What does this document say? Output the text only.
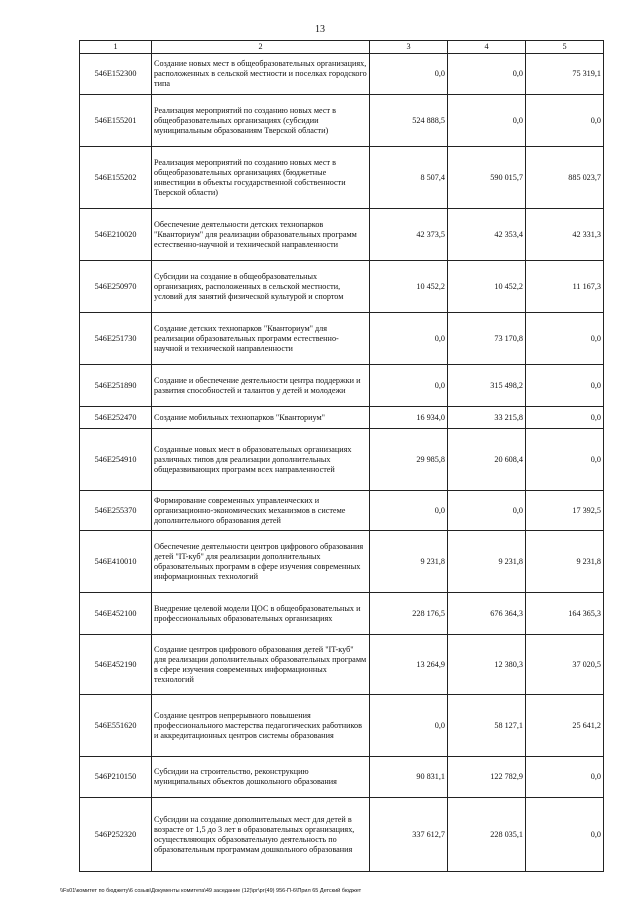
13
1	2	3	4	5
546E152300	Создание новых мест в общеобразовательных организациях, расположенных в сельской местности и поселках городского типа	0,0	0,0	75 319,1
546E155201	Реализация мероприятий по созданию новых мест в общеобразовательных организациях (субсидии муниципальным образованиям Тверской области)	524 888,5	0,0	0,0
546E155202	Реализация мероприятий по созданию новых мест в общеобразовательных организациях (бюджетные инвестиции в объекты государственной собственности Тверской области)	8 507,4	590 015,7	885 023,7
546E210020	Обеспечение деятельности детских технопарков "Кванториум" для реализации образовательных программ естественно-научной и технической направленности	42 373,5	42 353,4	42 331,3
546E250970	Субсидии на создание в общеобразовательных организациях, расположенных в сельской местности, условий для занятий физической культурой и спортом	10 452,2	10 452,2	11 167,3
546E251730	Создание детских технопарков "Кванториум" для реализации образовательных программ естественно-научной и технической направленности	0,0	73 170,8	0,0
546E251890	Создание и обеспечение деятельности центра поддержки и развития способностей и талантов у детей и молодежи	0,0	315 498,2	0,0
546E252470	Создание мобильных технопарков "Кванториум"	16 934,0	33 215,8	0,0
546E254910	Созданные новых мест в образовательных организациях различных типов для реализации дополнительных общеразвивающих программ всех направленностей	29 985,8	20 608,4	0,0
546E255370	Формирование современных управленческих и организационно-экономических механизмов в системе дополнительного образования детей	0,0	0,0	17 392,5
546E410010	Обеспечение деятельности центров цифрового образования детей "IT-куб" для реализации дополнительных образовательных программ в сфере изучения современных информационных технологий	9 231,8	9 231,8	9 231,8
546E452100	Внедрение целевой модели ЦОС в общеобразовательных и профессиональных образовательных организациях	228 176,5	676 364,3	164 365,3
546E452190	Создание центров цифрового образования детей "IT-куб" для реализации дополнительных образовательных программ в сфере изучения современных информационных технологий	13 264,9	12 380,3	37 020,5
546E551620	Создание центров непрерывного повышения профессионального мастерства педагогических работников и аккредитационных центров системы образования	0,0	58 127,1	25 641,2
546P210150	Субсидии на строительство, реконструкцию муниципальных объектов дошкольного образования	90 831,1	122 782,9	0,0
546P252320	Субсидии на создание дополнительных мест для детей в возрасте от 1,5 до 3 лет в образовательных организациях, осуществляющих образовательную деятельность по образовательным программам дошкольного образования	337 612,7	228 035,1	0,0
\\Fs01\комитет по бюджету\6 созыв\Документы комитета\49 заседание (12)\рг\рг(49) 956-П-6\Прил 65 Детский бюджет
